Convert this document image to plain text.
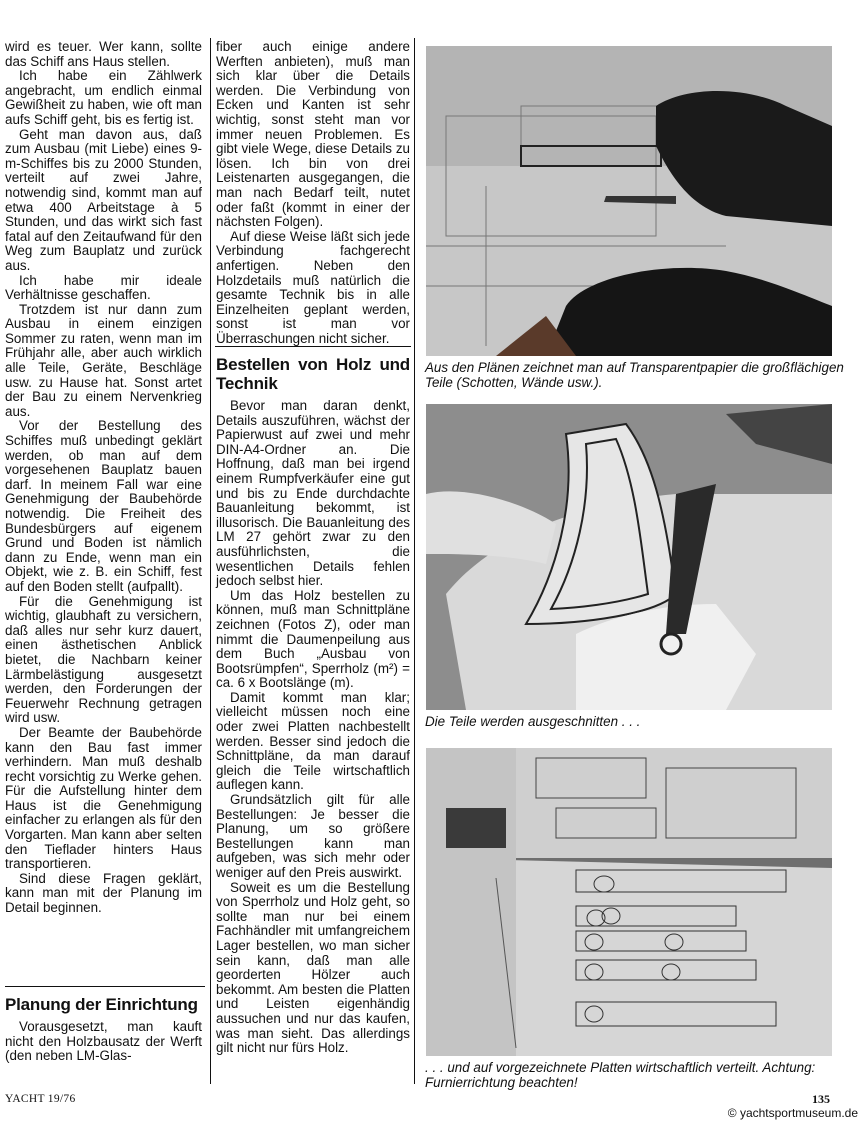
wird es teuer. Wer kann, sollte das Schiff ans Haus stellen.

Ich habe ein Zählwerk angebracht, um endlich einmal Gewißheit zu haben, wie oft man aufs Schiff geht, bis es fertig ist.

Geht man davon aus, daß zum Ausbau (mit Liebe) eines 9-m-Schiffes bis zu 2000 Stunden, verteilt auf zwei Jahre, notwendig sind, kommt man auf etwa 400 Arbeitstage à 5 Stunden, und das wirkt sich fast fatal auf den Zeitaufwand für den Weg zum Bauplatz und zurück aus.

Ich habe mir ideale Verhältnisse geschaffen.

Trotzdem ist nur dann zum Ausbau in einem einzigen Sommer zu raten, wenn man im Frühjahr alle, aber auch wirklich alle Teile, Geräte, Beschläge usw. zu Hause hat. Sonst artet der Bau zu einem Nervenkrieg aus.

Vor der Bestellung des Schiffes muß unbedingt geklärt werden, ob man auf dem vorgesehenen Bauplatz bauen darf. In meinem Fall war eine Genehmigung der Baubehörde notwendig. Die Freiheit des Bundesbürgers auf eigenem Grund und Boden ist nämlich dann zu Ende, wenn man ein Objekt, wie z. B. ein Schiff, fest auf den Boden stellt (aufpallt).

Für die Genehmigung ist wichtig, glaubhaft zu versichern, daß alles nur sehr kurz dauert, einen ästhetischen Anblick bietet, die Nachbarn keiner Lärmbelästigung ausgesetzt werden, den Forderungen der Feuerwehr Rechnung getragen wird usw.

Der Beamte der Baubehörde kann den Bau fast immer verhindern. Man muß deshalb recht vorsichtig zu Werke gehen. Für die Aufstellung hinter dem Haus ist die Genehmigung einfacher zu erlangen als für den Vorgarten. Man kann aber selten den Tieflader hinters Haus transportieren.

Sind diese Fragen geklärt, kann man mit der Planung im Detail beginnen.

Planung der Einrichtung

Vorausgesetzt, man kauft nicht den Holzbausatz der Werft (den neben LM-Glas-

fiber auch einige andere Werften anbieten), muß man sich klar über die Details werden. Die Verbindung von Ecken und Kanten ist sehr wichtig, sonst steht man vor immer neuen Problemen. Es gibt viele Wege, diese Details zu lösen. Ich bin von drei Leistenarten ausgegangen, die man nach Bedarf teilt, nutet oder faßt (kommt in einer der nächsten Folgen).

Auf diese Weise läßt sich jede Verbindung fachgerecht anfertigen. Neben den Holzdetails muß natürlich die gesamte Technik bis in alle Einzelheiten geplant werden, sonst ist man vor Überraschungen nicht sicher.

Bestellen von Holz und Technik

Bevor man daran denkt, Details auszuführen, wächst der Papierwust auf zwei und mehr DIN-A4-Ordner an. Die Hoffnung, daß man bei irgend einem Rumpfverkäufer eine gut und bis zu Ende durchdachte Bauanleitung bekommt, ist illusorisch. Die Bauanleitung des LM 27 gehört zwar zu den ausführlichsten, die wesentlichen Details fehlen jedoch selbst hier.

Um das Holz bestellen zu können, muß man Schnittpläne zeichnen (Fotos Z), oder man nimmt die Daumenpeilung aus dem Buch „Ausbau von Bootsrümpfen“, Sperrholz (m²) = ca. 6 x Bootslänge (m).

Damit kommt man klar; vielleicht müssen noch eine oder zwei Platten nachbestellt werden. Besser sind jedoch die Schnittpläne, da man darauf gleich die Teile wirtschaftlich auflegen kann.

Grundsätzlich gilt für alle Bestellungen: Je besser die Planung, um so größere Bestellungen kann man aufgeben, was sich mehr oder weniger auf den Preis auswirkt.

Soweit es um die Bestellung von Sperrholz und Holz geht, so sollte man nur bei einem Fachhändler mit umfangreichem Lager bestellen, wo man sicher sein kann, daß man alle georderten Hölzer auch bekommt. Am besten die Platten und Leisten eigenhändig aussuchen und nur das kaufen, was man sieht. Das allerdings gilt nicht nur fürs Holz.

Aus den Plänen zeichnet man auf Transparentpapier die großflächigen Teile (Schotten, Wände usw.).
Die Teile werden ausgeschnitten . . .
. . . und auf vorgezeichnete Platten wirtschaftlich verteilt. Achtung: Furnierrichtung beachten!
YACHT 19/76	135
© yachtsportmuseum.de
